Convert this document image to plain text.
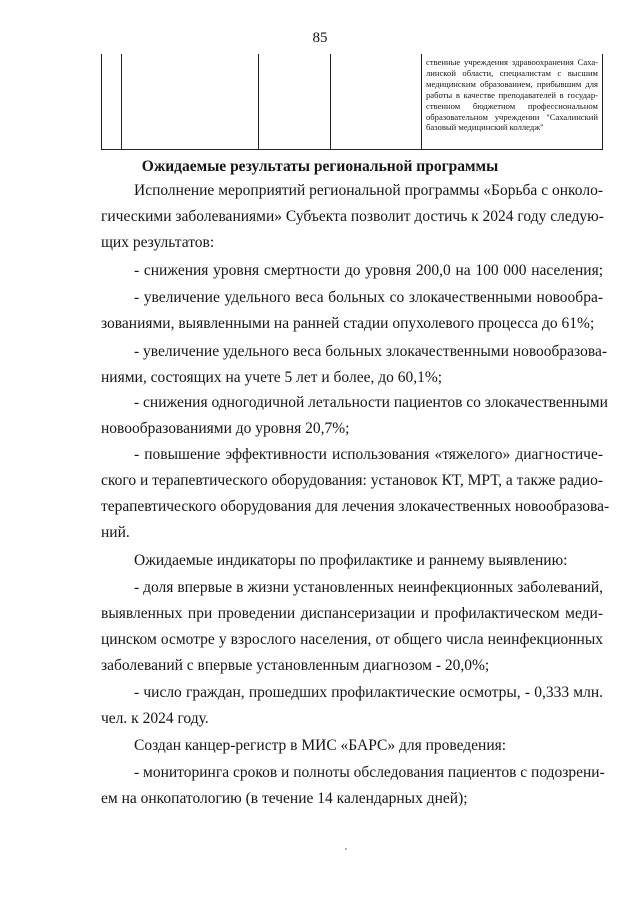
85
ственные учреждения здравоохранения Саха-
линской области, специалистам с высшим
медицинским образованием, прибывшим для
работы в качестве преподавателей в государ-
ственном бюджетном профессиональном
образовательном учреждении "Сахалинский
базовый медицинский колледж"
Ожидаемые результаты региональной программы
Исполнение мероприятий региональной программы «Борьба с онколо-
гическими заболеваниями» Субъекта позволит достичь к 2024 году следую-
щих результатов:
- снижения уровня смертности до уровня 200,0 на 100 000 населения;
- увеличение удельного веса больных со злокачественными новообра-
зованиями, выявленными на ранней стадии опухолевого процесса до 61%;
- увеличение удельного веса больных злокачественными новообразова-
ниями, состоящих на учете 5 лет и более, до 60,1%;
- снижения одногодичной летальности пациентов со злокачественными
новообразованиями до уровня 20,7%;
- повышение эффективности использования «тяжелого» диагностиче-
ского и терапевтического оборудования: установок КТ, МРТ, а также радио-
терапевтического оборудования для лечения злокачественных новообразова-
ний.
Ожидаемые индикаторы по профилактике и раннему выявлению:
- доля впервые в жизни установленных неинфекционных заболеваний,
выявленных при проведении диспансеризации и профилактическом меди-
цинском осмотре у взрослого населения, от общего числа неинфекционных
заболеваний с впервые установленным диагнозом - 20,0%;
- число граждан, прошедших профилактические осмотры, - 0,333 млн.
чел. к 2024 году.
Создан канцер-регистр в МИС «БАРС» для проведения:
- мониторинга сроков и полноты обследования пациентов с подозрени-
ем на онкопатологию (в течение 14 календарных дней);
